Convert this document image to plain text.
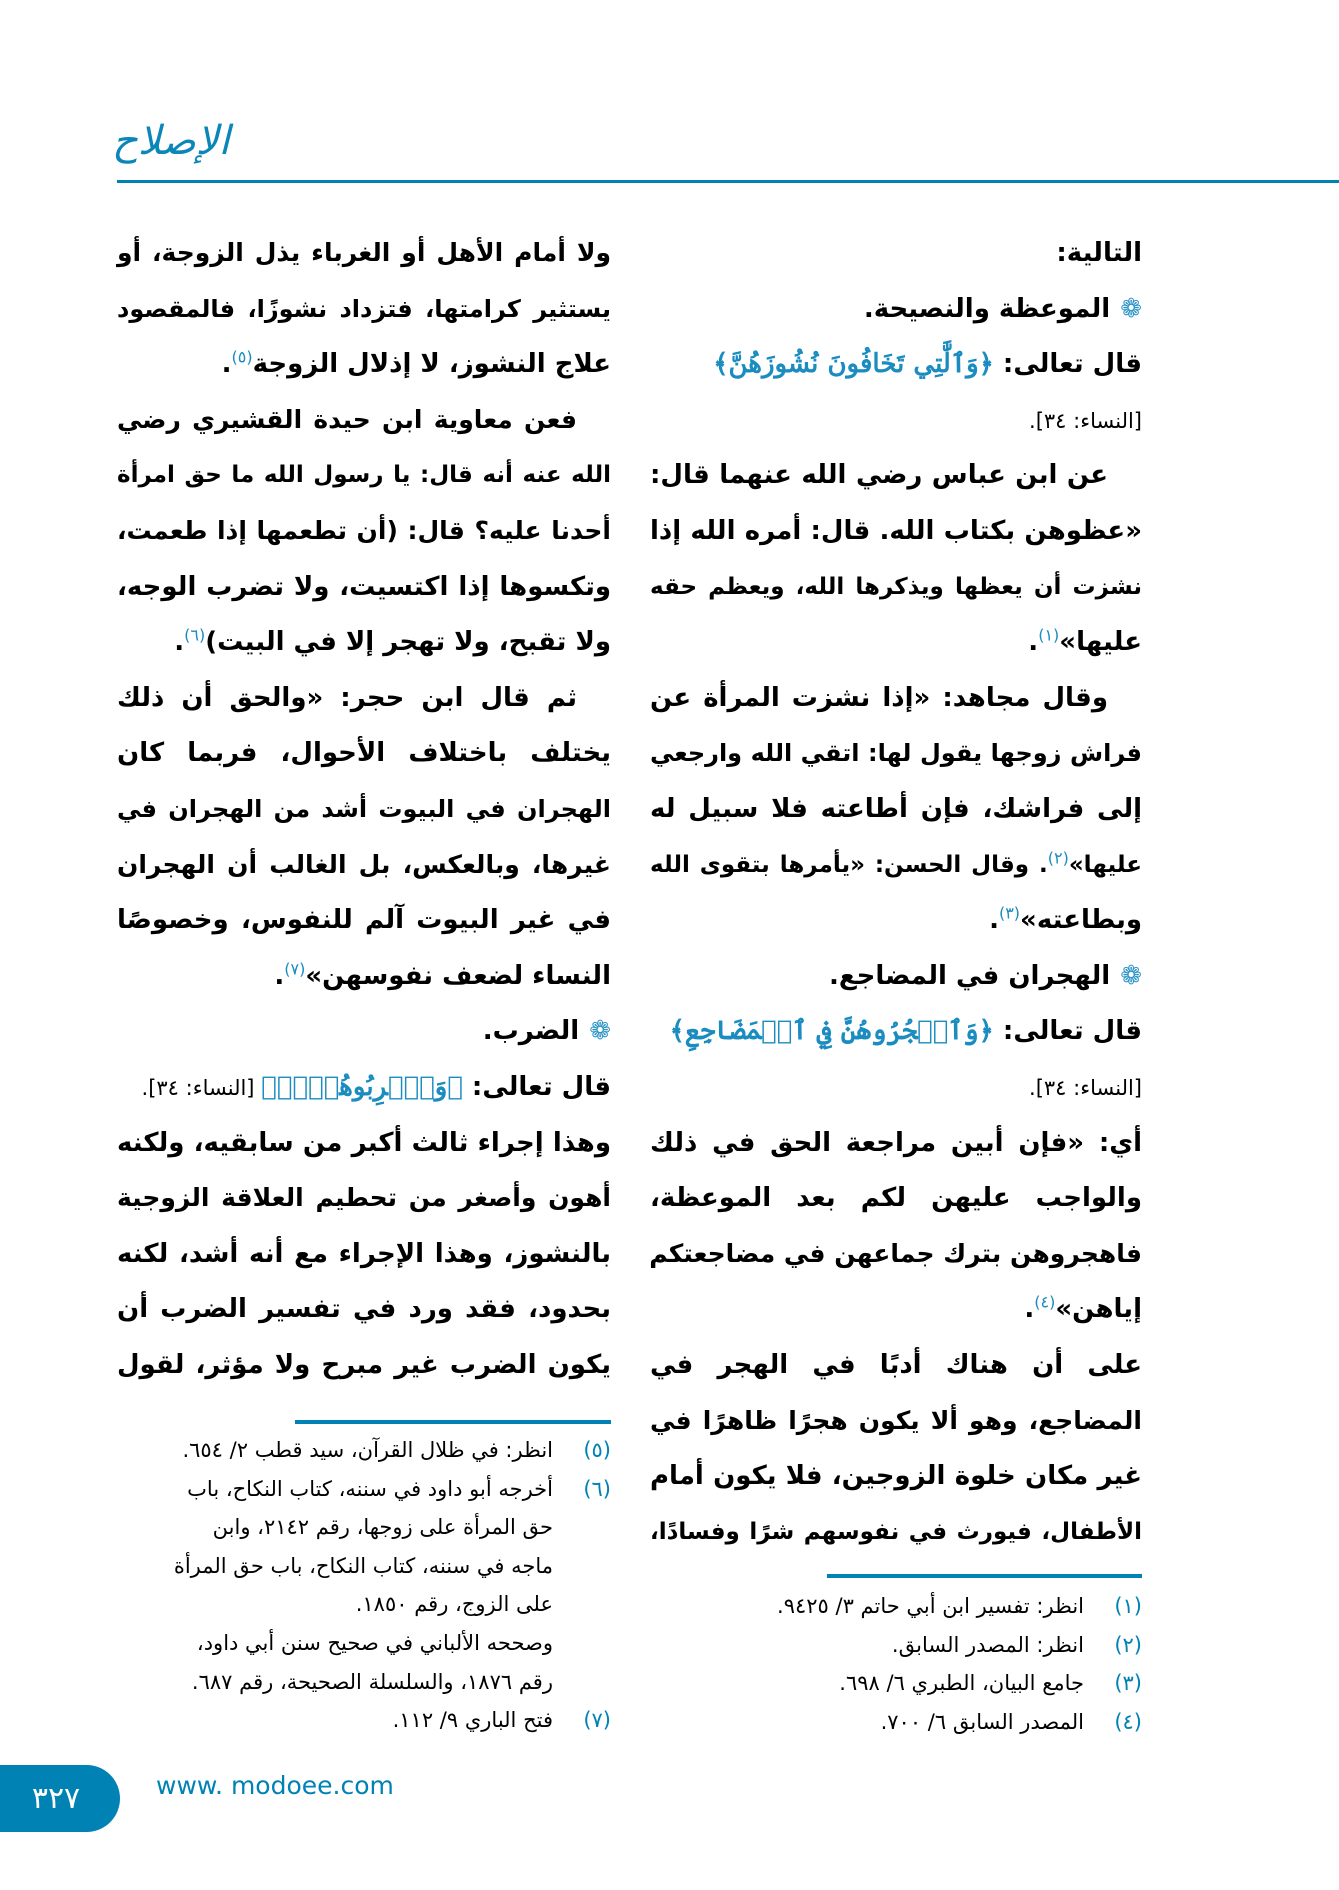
الإصلاح
التالية:
❁الموعظة والنصيحة.
قال تعالى: ﴿وَٱلَّٰتِي تَخَافُونَ نُشُوزَهُنَّ﴾
[النساء: ٣٤].
عن ابن عباس رضي الله عنهما قال:
«عظوهن بكتاب الله. قال: أمره الله إذا
نشزت أن يعظها ويذكرها الله، ويعظم حقه
عليها»$^{(١)}$.
وقال مجاهد: «إذا نشزت المرأة عن
فراش زوجها يقول لها: اتقي الله وارجعي
إلى فراشك، فإن أطاعته فلا سبيل له
عليها»$^{(٢)}$. وقال الحسن: «يأمرها بتقوى الله
وبطاعته»$^{(٣)}$.
❁الهجران في المضاجع.
قال تعالى: ﴿وَٱهۡجُرُوهُنَّ فِي ٱلۡمَضَاجِعِ﴾
[النساء: ٣٤].
أي: «فإن أبين مراجعة الحق في ذلك
والواجب عليهن لكم بعد الموعظة،
فاهجروهن بترك جماعهن في مضاجعتكم
إياهن»$^{(٤)}$.
على أن هناك أدبًا في الهجر في
المضاجع، وهو ألا يكون هجرًا ظاهرًا في
غير مكان خلوة الزوجين، فلا يكون أمام
الأطفال، فيورث في نفوسهم شرًا وفسادًا،
ولا أمام الأهل أو الغرباء يذل الزوجة، أو
يستثير كرامتها، فتزداد نشوزًا، فالمقصود
علاج النشوز، لا إذلال الزوجة$^{(٥)}$.
فعن معاوية ابن حيدة القشيري رضي
الله عنه أنه قال: يا رسول الله ما حق امرأة
أحدنا عليه؟ قال: (أن تطعمها إذا طعمت،
وتكسوها إذا اكتسيت، ولا تضرب الوجه،
ولا تقبح، ولا تهجر إلا في البيت)$^{(٦)}$.
ثم قال ابن حجر: «والحق أن ذلك
يختلف باختلاف الأحوال، فربما كان
الهجران في البيوت أشد من الهجران في
غيرها، وبالعكس، بل الغالب أن الهجران
في غير البيوت آلم للنفوس، وخصوصًا
النساء لضعف نفوسهن»$^{(٧)}$.
❁الضرب.
قال تعالى: ﴿وَٱضۡرِبُوهُنَّۖ﴾ [النساء: ٣٤].
وهذا إجراء ثالث أكبر من سابقيه، ولكنه
أهون وأصغر من تحطيم العلاقة الزوجية
بالنشوز، وهذا الإجراء مع أنه أشد، لكنه
بحدود، فقد ورد في تفسير الضرب أن
يكون الضرب غير مبرح ولا مؤثر، لقول
٣٢٧	www. modoee.com
(١)
انظر: تفسير ابن أبي حاتم ٣/ ٩٤٢٥.
(٢)
انظر: المصدر السابق.
(٣)
جامع البيان، الطبري ٦/ ٦٩٨.
(٤)
المصدر السابق ٦/ ٧٠٠.
(٥)
انظر: في ظلال القرآن، سيد قطب ٢/ ٦٥٤.
(٦)
أخرجه أبو داود في سننه، كتاب النكاح، باب
حق المرأة على زوجها، رقم ٢١٤٢، وابن
ماجه في سننه، كتاب النكاح، باب حق المرأة
على الزوج، رقم ١٨٥٠.
وصححه الألباني في صحيح سنن أبي داود،
رقم ١٨٧٦، والسلسلة الصحيحة، رقم ٦٨٧.
(٧)
فتح الباري ٩/ ١١٢.
